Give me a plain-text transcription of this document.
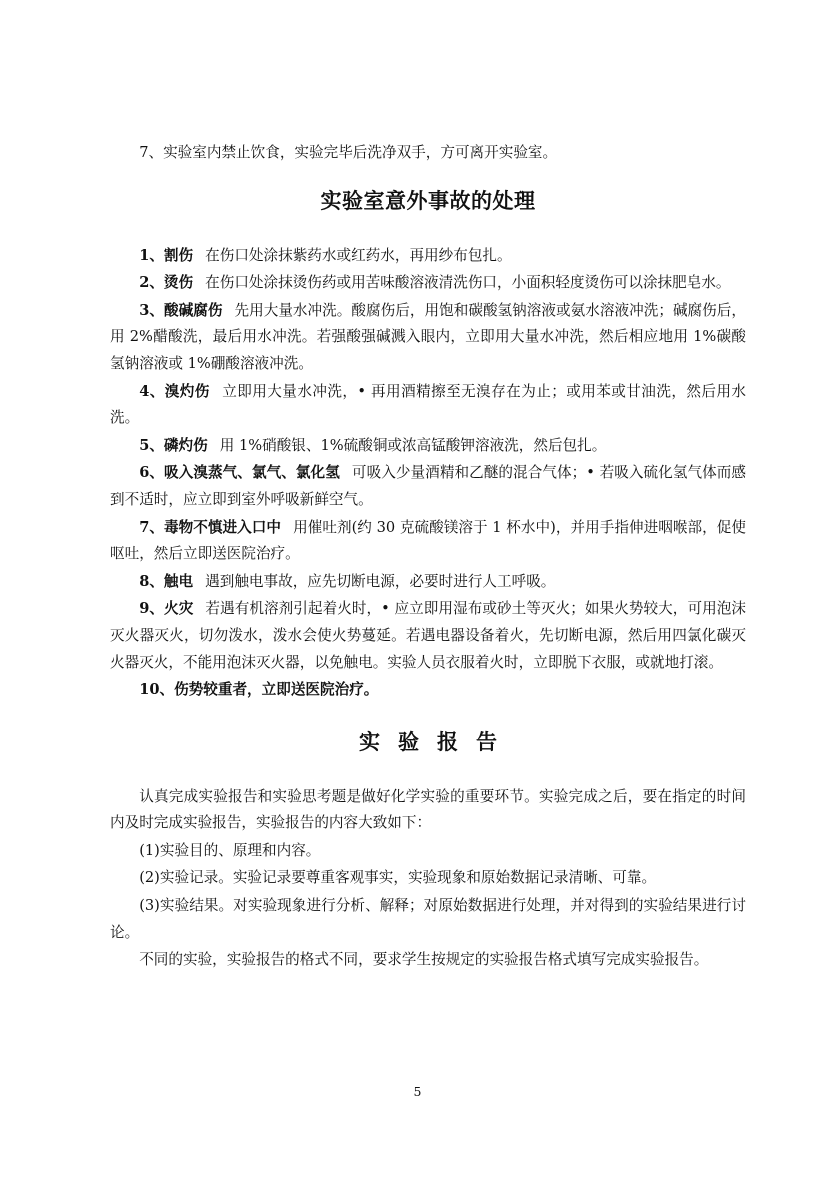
7、实验室内禁止饮食，实验完毕后洗净双手，方可离开实验室。

实验室意外事故的处理

1、割伤 在伤口处涂抹紫药水或红药水，再用纱布包扎。

2、烫伤 在伤口处涂抹烫伤药或用苦味酸溶液清洗伤口，小面积轻度烫伤可以涂抹肥皂水。

3、酸碱腐伤 先用大量水冲洗。酸腐伤后，用饱和碳酸氢钠溶液或氨水溶液冲洗；碱腐伤后，用 2%醋酸洗，最后用水冲洗。若强酸强碱溅入眼内，立即用大量水冲洗，然后相应地用 1%碳酸氢钠溶液或 1%硼酸溶液冲洗。

4、溴灼伤 立即用大量水冲洗，• 再用酒精擦至无溴存在为止；或用苯或甘油洗，然后用水洗。

5、磷灼伤 用 1%硝酸银、1%硫酸铜或浓高锰酸钾溶液洗，然后包扎。

6、吸入溴蒸气、氯气、氯化氢 可吸入少量酒精和乙醚的混合气体；• 若吸入硫化氢气体而感到不适时，应立即到室外呼吸新鲜空气。

7、毒物不慎进入口中 用催吐剂(约 30 克硫酸镁溶于 1 杯水中)，并用手指伸进咽喉部，促使呕吐，然后立即送医院治疗。

8、触电 遇到触电事故，应先切断电源，必要时进行人工呼吸。

9、火灾 若遇有机溶剂引起着火时，• 应立即用湿布或砂土等灭火；如果火势较大，可用泡沫灭火器灭火，切勿泼水，泼水会使火势蔓延。若遇电器设备着火，先切断电源，然后用四氯化碳灭火器灭火，不能用泡沫灭火器，以免触电。实验人员衣服着火时，立即脱下衣服，或就地打滚。

10、伤势较重者，立即送医院治疗。

实验报告

认真完成实验报告和实验思考题是做好化学实验的重要环节。实验完成之后，要在指定的时间内及时完成实验报告，实验报告的内容大致如下：

(1)实验目的、原理和内容。

(2)实验记录。实验记录要尊重客观事实，实验现象和原始数据记录清晰、可靠。

(3)实验结果。对实验现象进行分析、解释；对原始数据进行处理，并对得到的实验结果进行讨论。

不同的实验，实验报告的格式不同，要求学生按规定的实验报告格式填写完成实验报告。

5
